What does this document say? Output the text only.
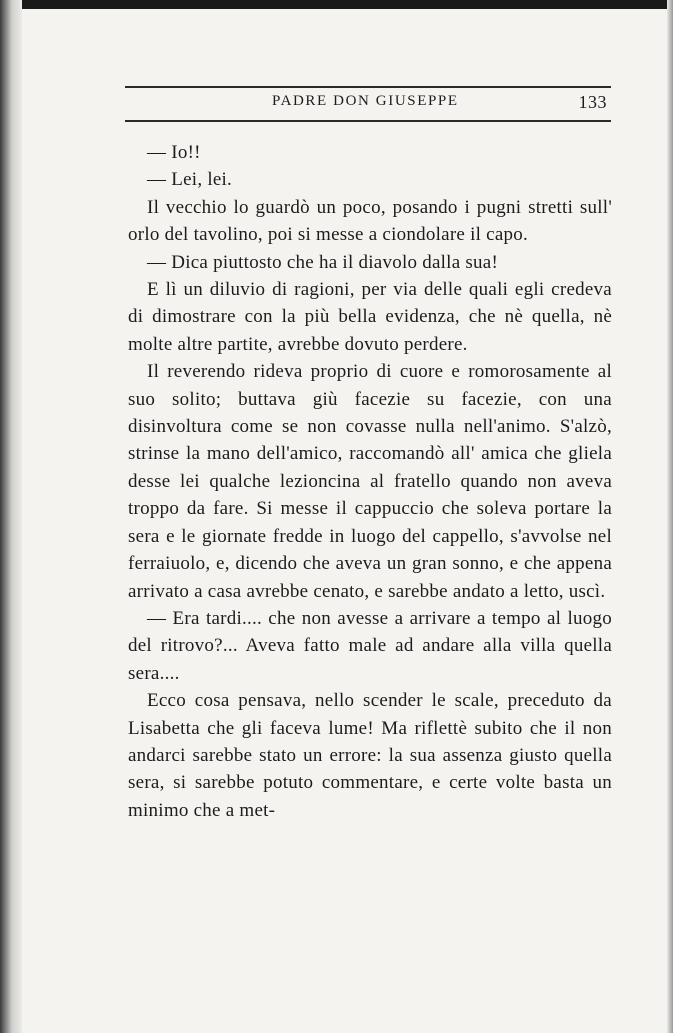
PADRE DON GIUSEPPE	133

— Io!!

— Lei, lei.

Il vecchio lo guardò un poco, posando i pugni stretti sull' orlo del tavolino, poi si messe a ciondolare il capo.

— Dica piuttosto che ha il diavolo dalla sua!

E lì un diluvio di ragioni, per via delle quali egli credeva di dimostrare con la più bella evidenza, che nè quella, nè molte altre partite, avrebbe dovuto perdere.

Il reverendo rideva proprio di cuore e romorosamente al suo solito; buttava giù facezie su facezie, con una disinvoltura come se non covasse nulla nell'animo. S'alzò, strinse la mano dell'amico, raccomandò all' amica che gliela desse lei qualche lezioncina al fratello quando non aveva troppo da fare. Si messe il cappuccio che soleva portare la sera e le giornate fredde in luogo del cappello, s'avvolse nel ferraiuolo, e, dicendo che aveva un gran sonno, e che appena arrivato a casa avrebbe cenato, e sarebbe andato a letto, uscì.

— Era tardi.... che non avesse a arrivare a tempo al luogo del ritrovo?... Aveva fatto male ad andare alla villa quella sera....

Ecco cosa pensava, nello scender le scale, preceduto da Lisabetta che gli faceva lume! Ma riflettè subito che il non andarci sarebbe stato un errore: la sua assenza giusto quella sera, si sarebbe potuto commentare, e certe volte basta un minimo che a met-
